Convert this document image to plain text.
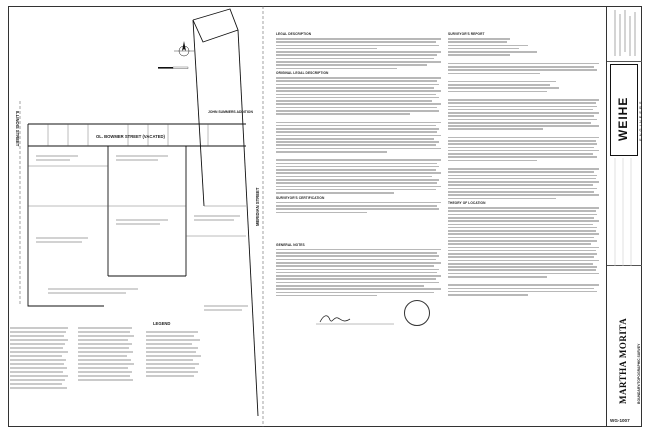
ILLINOIS STREET
MERIDIAN STREET
OL. BOWMER STREET (VACATED)
JOHN SUMMERS ADDITION
LEGEND
LEGAL DESCRIPTION
ORIGINAL LEGAL DESCRIPTION
SURVEYOR'S CERTIFICATION
GENERAL NOTES
SURVEYOR'S REPORT
THEORY OF LOCATION
WEIHE	ENGINEERS
MARTHA MORITA	BOUNDARY/TOPOGRAPHIC SURVEY
WG-1007
